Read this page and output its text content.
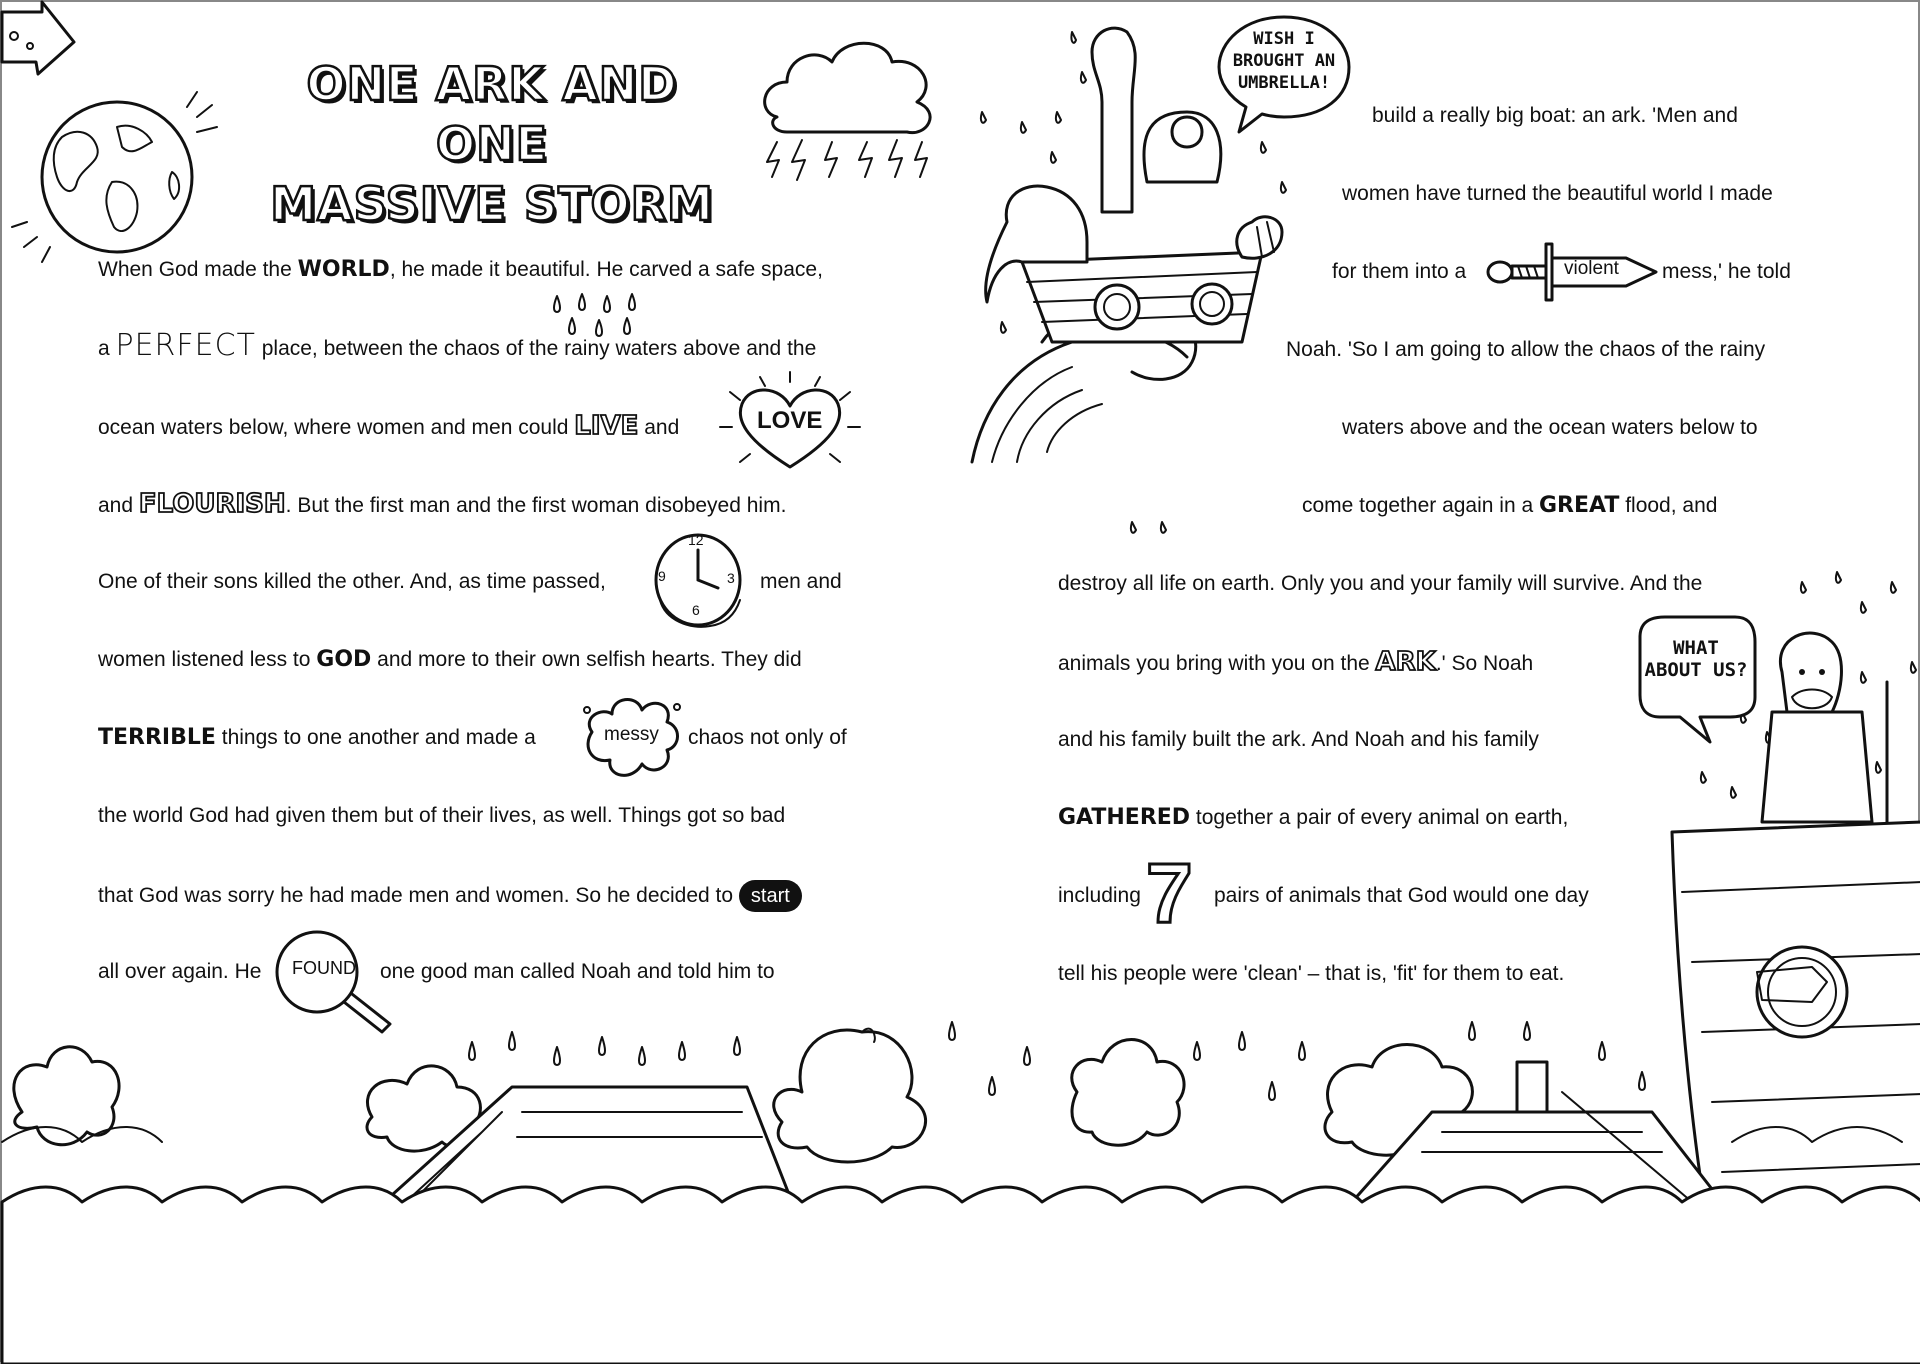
ONE ARK AND ONE
MASSIVE STORM
When God made the WORLD, he made it beautiful. He carved a safe space,
a PERFECT place, between the chaos of the rainy waters above and the
ocean waters below, where women and men could LIVE and	LOVE
and FLOURISH. But the first man and the first woman disobeyed him.
One of their sons killed the other. And, as time passed,
12
3
6
9	men and
women listened less to GOD and more to their own selfish hearts. They did
TERRIBLE things to one another and made a	messy chaos not only of
the world God had given them but of their lives, as well. Things got so bad
that God was sorry he had made men and women. So he decided to start
all over again. He FOUND one good man called Noah and told him to
WISH I
BROUGHT AN
UMBRELLA!
build a really big boat: an ark. 'Men and
women have turned the beautiful world I made
for them into a	violent mess,' he told
Noah. 'So I am going to allow the chaos of the rainy
waters above and the ocean waters below to
come together again in a GREAT flood, and
destroy all life on earth. Only you and your family will survive. And the
animals you bring with you on the ARK.' So Noah
and his family built the ark. And Noah and his family
GATHERED together a pair of every animal on earth,
including 7 pairs of animals that God would one day
tell his people were 'clean' – that is, 'fit' for them to eat.
WHAT
ABOUT US?
